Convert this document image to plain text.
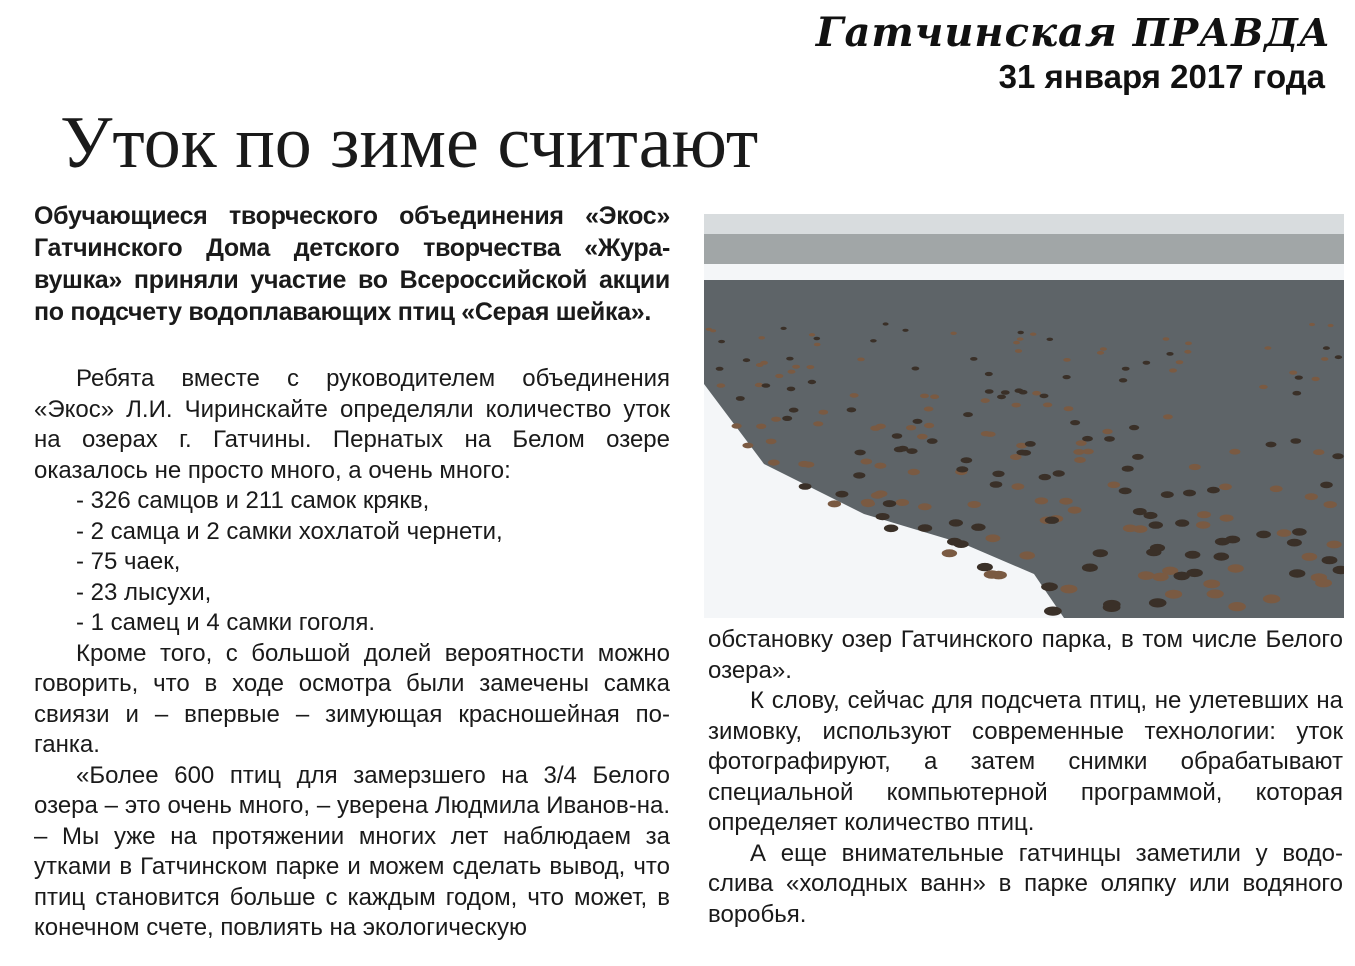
Гатчинская ПРАВДА
31 января 2017 года
Уток по зиме считают

Обучающиеся творческого объединения «Экос» Гатчинского Дома детского творчества «Жура-вушка» приняли участие во Всероссийской акции по подсчету водоплавающих птиц «Серая шейка».

Ребята вместе с руководителем объединения «Экос» Л.И. Чиринскайте определяли количество уток на озерах г. Гатчины. Пернатых на Белом озере оказалось не просто много, а очень много:

- 326 самцов и 211 самок крякв,

- 2 самца и 2 самки хохлатой чернети,

- 75 чаек,

- 23 лысухи,

- 1 самец и 4 самки гоголя.

Кроме того, с большой долей вероятности можно говорить, что в ходе осмотра были замечены самка свиязи и – впервые – зимующая красношейная по-ганка.

«Более 600 птиц для замерзшего на 3/4 Белого озера – это очень много, – уверена Людмила Иванов-на. – Мы уже на протяжении многих лет наблюдаем за утками в Гатчинском парке и можем сделать вывод, что птиц становится больше с каждым годом, что может, в конечном счете, повлиять на экологическую

обстановку озер Гатчинского парка, в том числе Белого озера».

К слову, сейчас для подсчета птиц, не улетевших на зимовку, используют современные технологии: уток фотографируют, а затем снимки обрабатывают специальной компьютерной программой, которая определяет количество птиц.

А еще внимательные гатчинцы заметили у водо-слива «холодных ванн» в парке оляпку или водяного воробья.
